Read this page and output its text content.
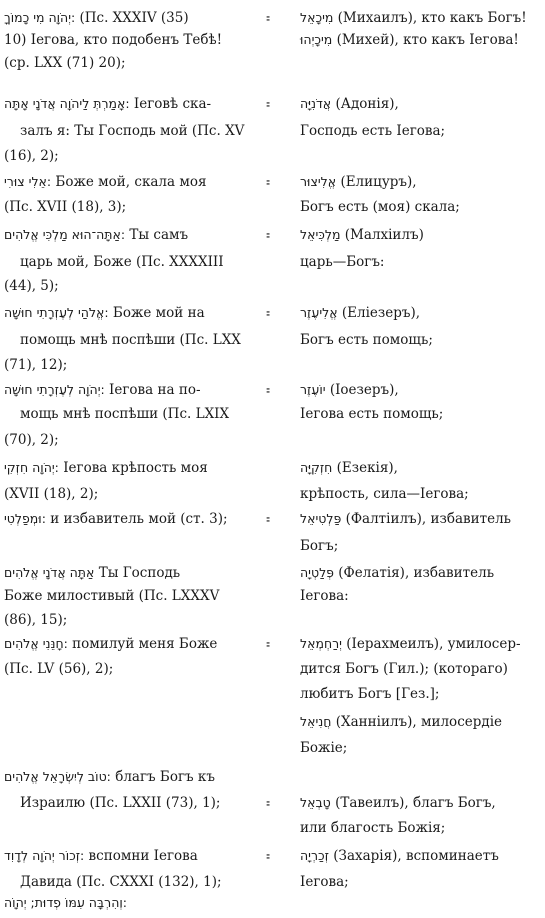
:יְהֹוָה מִי כָמוֹךָ (Пс. XXXIV (35)
10) Iегова, кто подобенъ Тебѣ!
(ср. LXX (71) 20);
= מִיכָאֵל (Михаилъ), кто какъ Богъ!
מִיכָיְהוּ (Михей), кто какъ Iегова!
:אָמַרְתְּ לַיהֹוָה אֲדֹנָי אָתָּה Iеговѣ ска-
залъ я: Ты Господь мой (Пс. XV
(16), 2);
= אֲדֹנִיָּה (Адонія),
Господь есть Iегова;
:אֵלִי צוּרִי Боже мой, скала моя
(Пс. XVII (18), 3);
= אֱלִיצוּר (Елицуръ),
Богъ есть (моя) скала;
:אַתָּה־הוּא מַלְכִּי אֱלֹהִים Ты самъ
царь мой, Боже (Пс. XXXXIII
(44), 5);
= מַלְכִּיאֵל (Малхіилъ)
царь—Богъ:
:אֱלֹהַי לְעֶזְרָתִי חוּשָׁה Боже мой на
помощь мнѣ поспѣши (Пс. LXX
(71), 12);
= אֱלִיעֶזֶר (Eліезеръ),
Богъ есть помощь;
:יְהֹוָה לְעֶזְרָתִי חוּשָׁה Iегова на по-
мощь мнѣ поспѣши (Пс. LXIX
(70), 2);
= יוֹעֶזֶר (Iоезеръ),
Iегова есть помощь;
:יְהֹוָה חִזְקִי Iегова крѣпость моя
(XVII (18), 2);
:וּמְפַלְטִי и избавитель мой (ст. 3);	=
חִזְקִיָּה (Езекія),
крѣпость, сила—Iегова;
פַּלְטִיאֵל (Фалтіилъ), избавитель
Богъ;
אַתָּה אֲדֹנָי אֱלֹהִים Ты Господь
Боже милостивый (Пс. LXXXV
(86), 15);
פְּלַטְיָה (Фелатія), избавитель
Iегова:
:חָנֵּנִי אֱלֹהִים помилуй меня Боже
(Пс. LV (56), 2);
= יְרַחְמְאֵל (Iерахмеилъ), умилосер-
дится Богъ (Гил.); (котораго)
любитъ Богъ [Гез.];
חֲנִיאֵל (Ханніилъ), милосердіе
Божіе;
:טוֹב לְיִשְׂרָאֵל אֱלֹהִים благъ Богъ къ
Израилю (Пс. LXXII (73), 1);	= טָבְאֵל (Тавеилъ), благъ Богъ,
или благость Божія;
:זְכוֹר יְהֹוָה לְדָוִד вспомни Iегова
Давида (Пс. CXXXI (132), 1);
:וְהִרְבָּה עִמּוֹ פְדוּת; יְהוָֹה
= זְכַרְיָה (Захарія), вспоминаетъ
Iегова;
